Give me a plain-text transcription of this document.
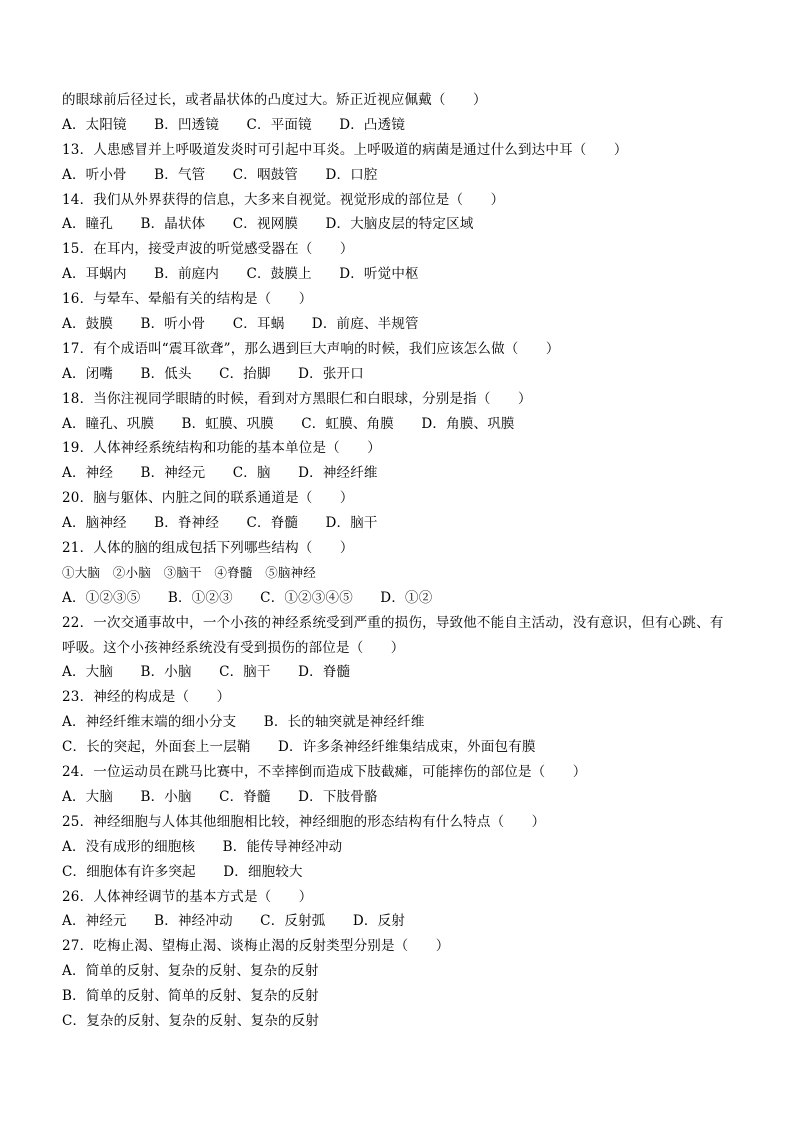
的眼球前后径过长，或者晶状体的凸度过大。矫正近视应佩戴（　　）
A．太阳镜　　B．凹透镜　　C．平面镜　　D．凸透镜
13．人患感冒并上呼吸道发炎时可引起中耳炎。上呼吸道的病菌是通过什么到达中耳（　　）
A．听小骨　　B．气管　　C．咽鼓管　　D．口腔
14．我们从外界获得的信息，大多来自视觉。视觉形成的部位是（　　）
A．瞳孔　　B．晶状体　　C．视网膜　　D．大脑皮层的特定区域
15．在耳内，接受声波的听觉感受器在（　　）
A．耳蜗内　　B．前庭内　　C．鼓膜上　　D．听觉中枢
16．与晕车、晕船有关的结构是（　　）
A．鼓膜　　B．听小骨　　C．耳蜗　　D．前庭、半规管
17．有个成语叫“震耳欲聋”，那么遇到巨大声响的时候，我们应该怎么做（　　）
A．闭嘴　　B．低头　　C．抬脚　　D．张开口
18．当你注视同学眼睛的时候，看到对方黑眼仁和白眼球，分别是指（　　）
A．瞳孔、巩膜　　B．虹膜、巩膜　　C．虹膜、角膜　　D．角膜、巩膜
19．人体神经系统结构和功能的基本单位是（　　）
A．神经　　B．神经元　　C．脑　　D．神经纤维
20．脑与躯体、内脏之间的联系通道是（　　）
A．脑神经　　B．脊神经　　C．脊髓　　D．脑干
21．人体的脑的组成包括下列哪些结构（　　）
①大脑　②小脑　③脑干　④脊髓　⑤脑神经
A．①②③⑤　　B．①②③　　C．①②③④⑤　　D．①②
22．一次交通事故中，一个小孩的神经系统受到严重的损伤，导致他不能自主活动，没有意识，但有心跳、有
呼吸。这个小孩神经系统没有受到损伤的部位是（　　）
A．大脑　　B．小脑　　C．脑干　　D．脊髓
23．神经的构成是（　　）
A．神经纤维末端的细小分支　　B．长的轴突就是神经纤维
C．长的突起，外面套上一层鞘　　D．许多条神经纤维集结成束，外面包有膜
24．一位运动员在跳马比赛中，不幸摔倒而造成下肢截瘫，可能摔伤的部位是（　　）
A．大脑　　B．小脑　　C．脊髓　　D．下肢骨骼
25．神经细胞与人体其他细胞相比较，神经细胞的形态结构有什么特点（　　）
A．没有成形的细胞核　　B．能传导神经冲动
C．细胞体有许多突起　　D．细胞较大
26．人体神经调节的基本方式是（　　）
A．神经元　　B．神经冲动　　C．反射弧　　D．反射
27．吃梅止渴、望梅止渴、谈梅止渴的反射类型分别是（　　）
A．简单的反射、复杂的反射、复杂的反射
B．简单的反射、简单的反射、复杂的反射
C．复杂的反射、复杂的反射、复杂的反射
